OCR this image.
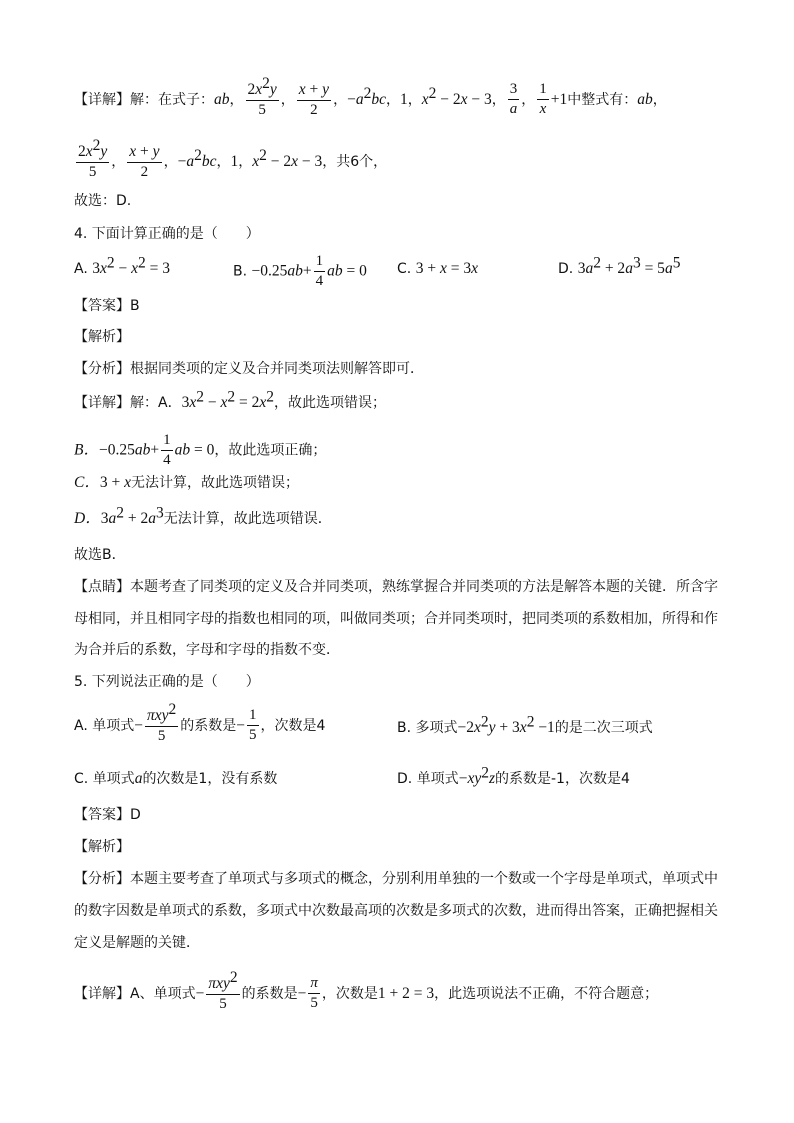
【详解】解：在式子：ab， $\frac{2x^2y}{5}$ ， $\frac{x + y}{2}$ ，$-a^2bc$，1，$x^2 - 2x - 3$， $\frac{3}{a}$ ， $\frac{1}{x} +1$中整式有：ab，
$\frac{2x^2y}{5}$ ， $\frac{x + y}{2}$ ，$-a^2bc$，1，$x^2 - 2x - 3$，共6个，
故选：D.
4. 下面计算正确的是（　　）
A. $3x^2 - x^2 = 3$	B. $-0.25ab+ \frac{1}{4}$ ab = 0 C. 3 + x = 3x	D. $3a^2 + 2a^3 = 5a^5$
【答案】B
【解析】
【分析】根据同类项的定义及合并同类项法则解答即可．
【详解】解：A．$3x^2 - x^2 = 2x^2$，故此选项错误；
B．$-0.25ab+ \frac{1}{4}$ ab = 0，故此选项正确；
C．3 + x无法计算，故此选项错误；
D．$3a^2 + 2a^3$无法计算，故此选项错误．
故选B．
【点睛】本题考查了同类项的定义及合并同类项，熟练掌握合并同类项的方法是解答本题的关键．所含字
母相同，并且相同字母的指数也相同的项，叫做同类项；合并同类项时，把同类项的系数相加，所得和作
为合并后的系数，字母和字母的指数不变．
5. 下列说法正确的是（　　）
A. 单项式− $\frac{\pi xy^2}{5}$ 的系数是− $\frac{1}{5}$ ，次数是4	B. 多项式$-2x^2y + 3x^2 -1$的是二次三项式
C. 单项式a的次数是1，没有系数	D. 单项式$-xy^2z$的系数是-1，次数是4
【答案】D
【解析】
【分析】本题主要考查了单项式与多项式的概念，分别利用单独的一个数或一个字母是单项式，单项式中
的数字因数是单项式的系数，多项式中次数最高项的次数是多项式的次数，进而得出答案，正确把握相关
定义是解题的关键．
【详解】A、单项式− $\frac{\pi xy^2}{5}$ 的系数是− $\frac{\pi}{5}$ ，次数是1 + 2 = 3，此选项说法不正确，不符合题意；
